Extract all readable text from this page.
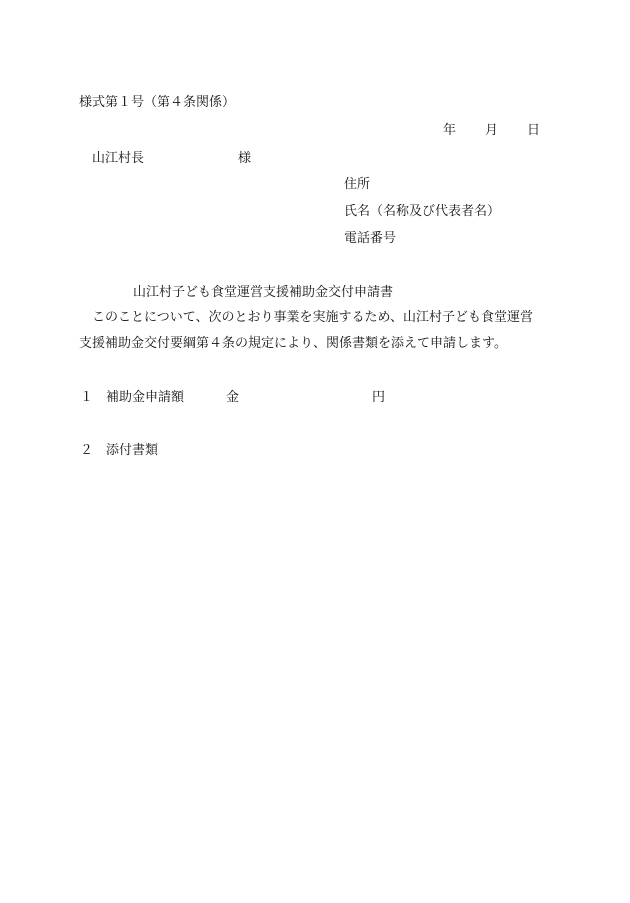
様式第１号（第４条関係）
年 月 日
山江村長	様
住所
氏名（名称及び代表者名）
電話番号
山江村子ども食堂運営支援補助金交付申請書
このことについて、次のとおり事業を実施するため、山江村子ども食堂運営
支援補助金交付要綱第４条の規定により、関係書類を添えて申請します。
１ 補助金申請額	金	円
２ 添付書類
